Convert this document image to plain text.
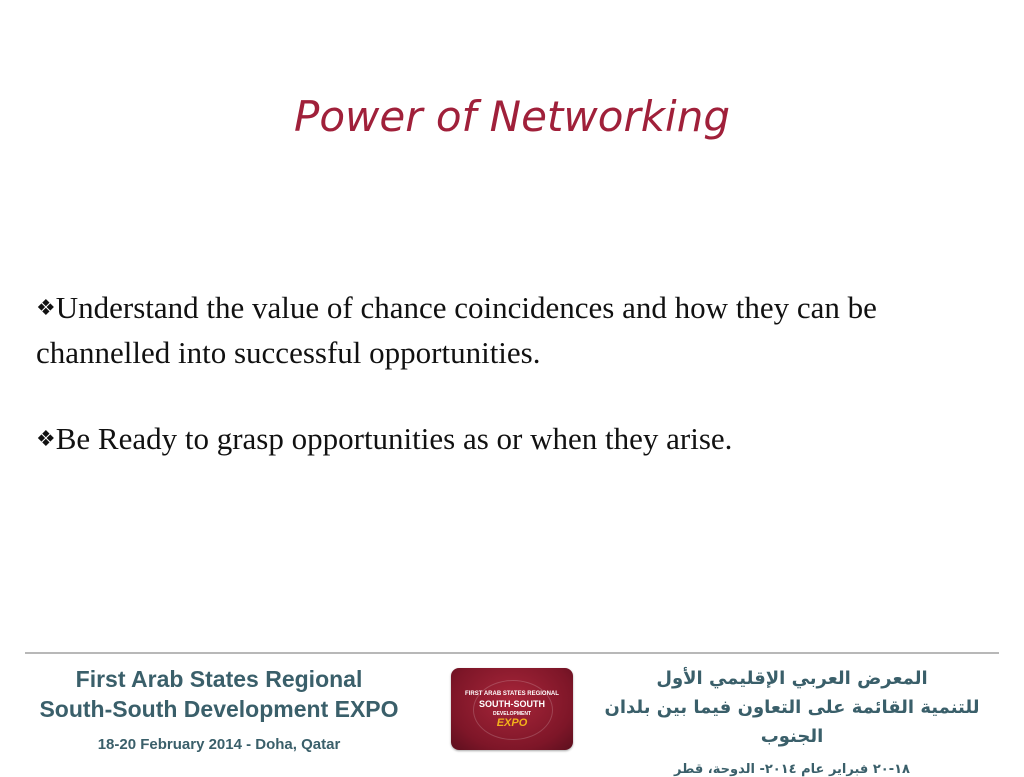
Power of Networking
❖Understand the value of chance coincidences and how they can be channelled into successful opportunities.
❖Be Ready to grasp opportunities as or when they arise.
First Arab States Regional
South-South Development EXPO
18-20 February 2014 - Doha, Qatar
FIRST ARAB STATES REGIONAL
SOUTH-SOUTH
DEVELOPMENT
EXPO
المعرض العربي الإقليمي الأول
للتنمية القائمة على التعاون فيما بين بلدان الجنوب
١٨-٢٠ فبراير عام ٢٠١٤- الدوحة، قطر
